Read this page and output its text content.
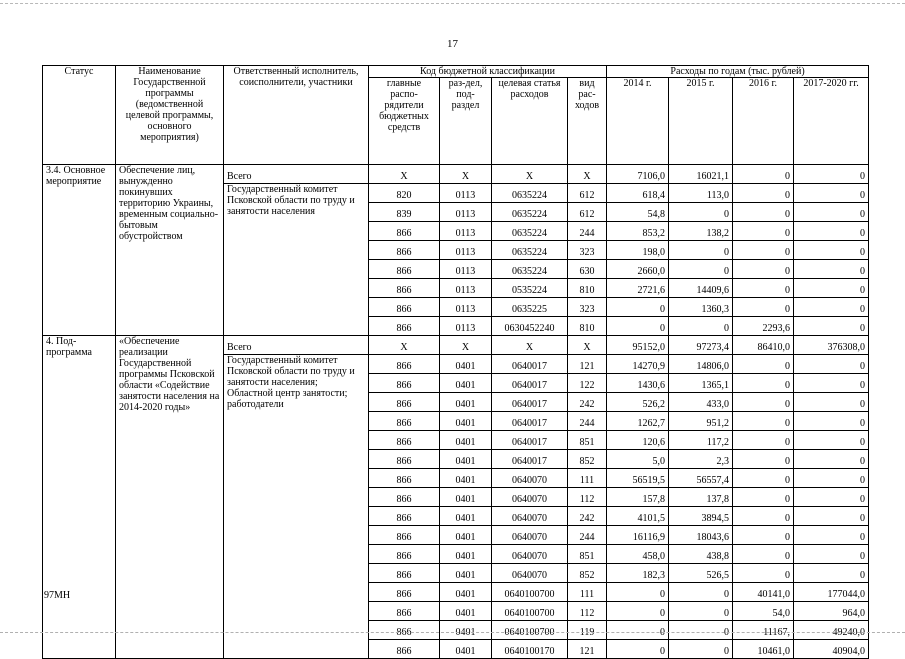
17
Статус	Наименование Государственной программы (ведомственной целевой программы, основного мероприятия)	Ответственный исполнитель, соисполнители, участники	Код бюджетной классификации				Расходы по годам (тыс. рублей)			
			главные распо-рядители бюджетных средств	раз-дел, под-раздел	целевая статья расходов	вид рас-ходов	2014 г.	2015 г.	2016 г.	2017-2020 гг.
3.4. Основное мероприятие	Обеспечение лиц, вынужденно покинувших территорию Украины, временным социально-бытовым обустройством	Всего	X	X	X	X	7106,0	16021,1	0	0
		Государственный комитет Псковской области по труду и занятости населения	820	0113	0635224	612	618,4	113,0	0	0
			839	0113	0635224	612	54,8	0	0	0
			866	0113	0635224	244	853,2	138,2	0	0
			866	0113	0635224	323	198,0	0	0	0
			866	0113	0635224	630	2660,0	0	0	0
			866	0113	0535224	810	2721,6	14409,6	0	0
			866	0113	0635225	323	0	1360,3	0	0
			866	0113	0630452240	810	0	0	2293,6	0
4. Под-программа	«Обеспечение реализации Государственной программы Псковской области «Содействие занятости населения на 2014-2020 годы»	Всего	X	X	X	X	95152,0	97273,4	86410,0	376308,0
		Государственный комитет Псковской области по труду и занятости населения; Областной центр занятости; работодатели	866	0401	0640017	121	14270,9	14806,0	0	0
			866	0401	0640017	122	1430,6	1365,1	0	0
			866	0401	0640017	242	526,2	433,0	0	0
			866	0401	0640017	244	1262,7	951,2	0	0
			866	0401	0640017	851	120,6	117,2	0	0
			866	0401	0640017	852	5,0	2,3	0	0
			866	0401	0640070	111	56519,5	56557,4	0	0
			866	0401	0640070	112	157,8	137,8	0	0
			866	0401	0640070	242	4101,5	3894,5	0	0
			866	0401	0640070	244	16116,9	18043,6	0	0
			866	0401	0640070	851	458,0	438,8	0	0
			866	0401	0640070	852	182,3	526,5	0	0
			866	0401	0640100700	111	0	0	40141,0	177044,0
			866	0401	0640100700	112	0	0	54,0	964,0
			866	0401	0640100700	119	0	0	11167,	49240,0
			866	0401	0640100170	121	0	0	10461,0	40904,0
97МН
